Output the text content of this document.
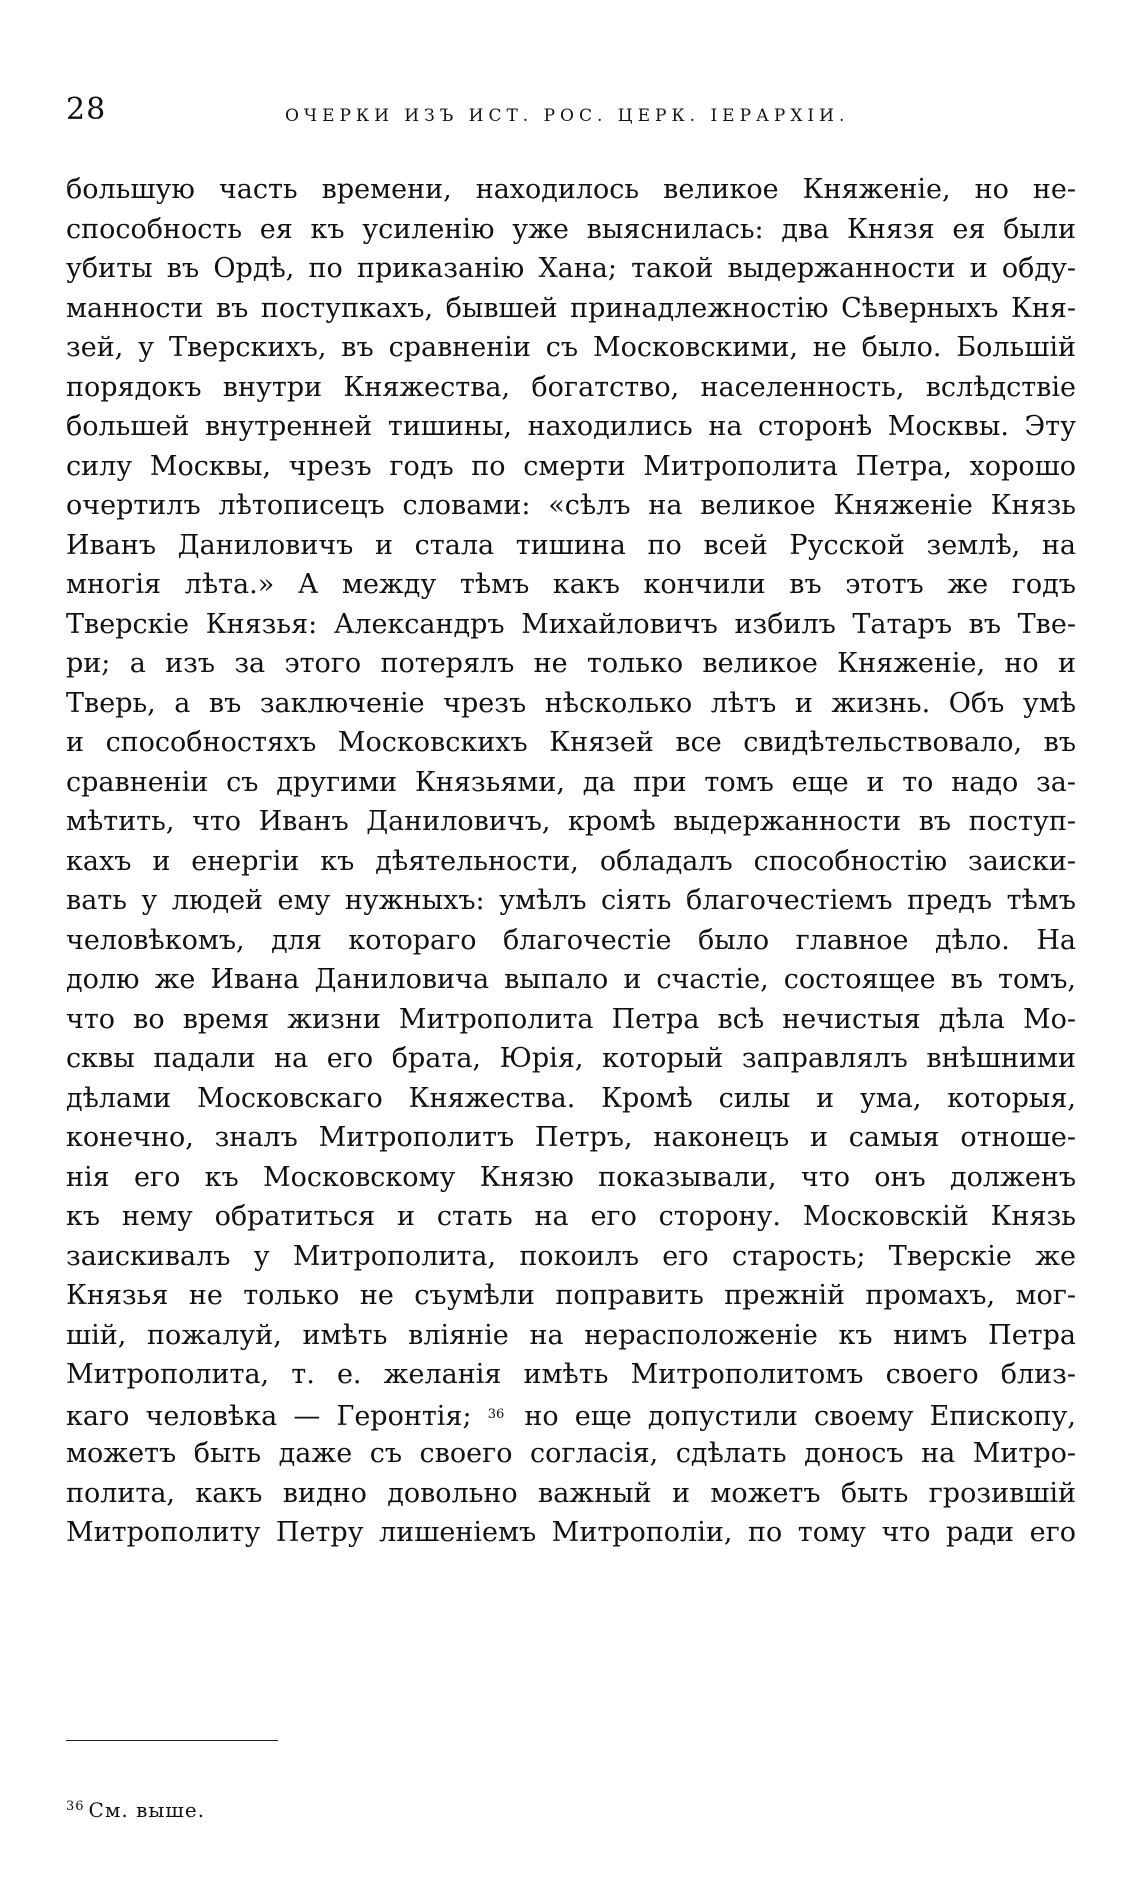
28	ОЧЕРКИ ИЗЪ ИСТ. РОС. ЦЕРК. IЕРАРХIИ.
большую часть времени, находилось великое Княженiе, но не-
способность ея къ усиленiю уже выяснилась: два Князя ея были
убиты въ Ордѣ, по приказанiю Хана; такой выдержанности и обду-
манности въ поступкахъ, бывшей принадлежностiю Сѣверныхъ Кня-
зей, у Тверскихъ, въ сравненiи съ Московскими, не было. Большiй
порядокъ внутри Княжества, богатство, населенность, вслѣдствiе
большей внутренней тишины, находились на сторонѣ Москвы. Эту
силу Москвы, чрезъ годъ по смерти Митрополита Петра, хорошо
очертилъ лѣтописецъ словами: «сѣлъ на великое Княженiе Князь
Иванъ Даниловичъ и стала тишина по всей Русской землѣ, на
многiя лѣта.» А между тѣмъ какъ кончили въ этотъ же годъ
Тверскiе Князья: Александръ Михайловичъ избилъ Татаръ въ Тве-
ри; а изъ за этого потерялъ не только великое Княженiе, но и
Тверь, а въ заключенiе чрезъ нѣсколько лѣтъ и жизнь. Объ умѣ
и способностяхъ Московскихъ Князей все свидѣтельствовало, въ
сравненiи съ другими Князьями, да при томъ еще и то надо за-
мѣтить, что Иванъ Даниловичъ, кромѣ выдержанности въ поступ-
кахъ и енергiи къ дѣятельности, обладалъ способностiю заиски-
вать у людей ему нужныхъ: умѣлъ сiять благочестiемъ предъ тѣмъ
человѣкомъ, для котораго благочестiе было главное дѣло. На
долю же Ивана Даниловича выпало и счастiе, состоящее въ томъ,
что во время жизни Митрополита Петра всѣ нечистыя дѣла Мо-
сквы падали на его брата, Юрiя, который заправлялъ внѣшними
дѣлами Московскаго Княжества. Кромѣ силы и ума, которыя,
конечно, зналъ Митрополитъ Петръ, наконецъ и самыя отноше-
нiя его къ Московскому Князю показывали, что онъ долженъ
къ нему обратиться и стать на его сторону. Московскiй Князь
заискивалъ у Митрополита, покоилъ его старость; Тверскiе же
Князья не только не съумѣли поправить прежнiй промахъ, мог-
шiй, пожалуй, имѣть влiянiе на нерасположенiе къ нимъ Петра
Митрополита, т. е. желанiя имѣть Митрополитомъ своего близ-
каго человѣка — Геронтiя; $^{36}$ но еще допустили своему Епископу,
можетъ быть даже съ своего согласiя, сдѣлать доносъ на Митро-
полита, какъ видно довольно важный и можетъ быть грозившiй
Митрополиту Петру лишенiемъ Митрополiи, по тому что ради его
$^{36}$ См. выше.
